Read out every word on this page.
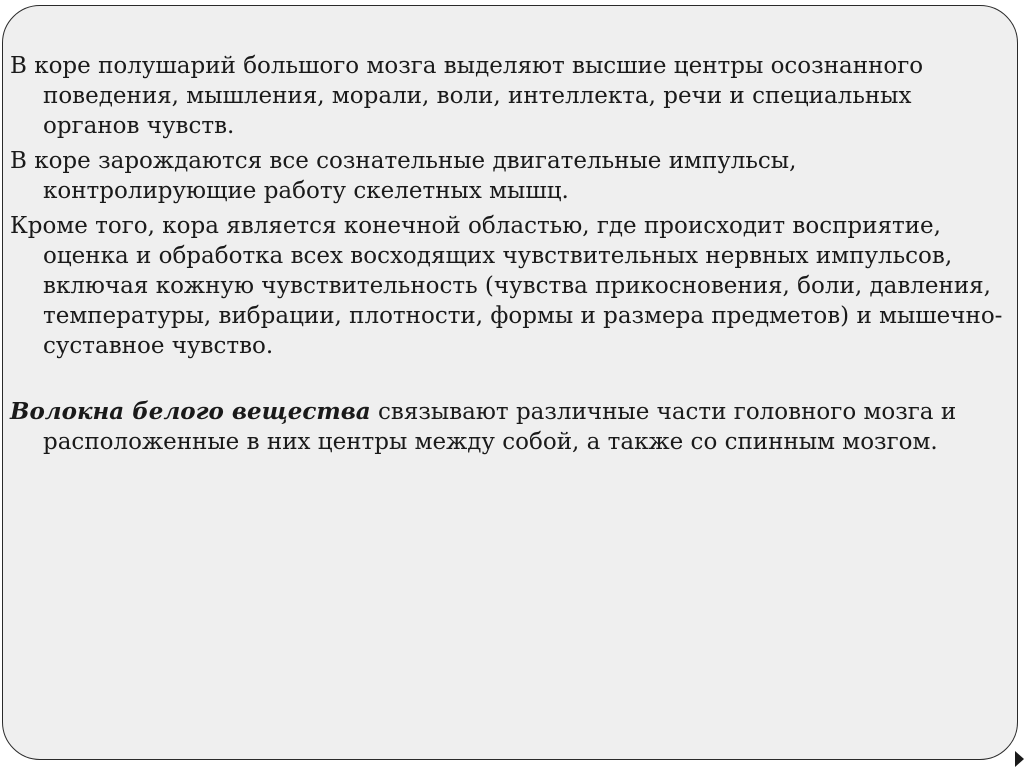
В коре полушарий большого мозга выделяют высшие центры осознанного поведения, мышления, морали, воли, интеллекта, речи и специальных органов чувств.

В коре зарождаются все сознательные двигательные импульсы, контролирующие работу скелетных мышц.

Кроме того, кора является конечной областью, где происходит восприятие, оценка и обработка всех восходящих чувствительных нервных импульсов, включая кожную чувствительность (чувства прикосновения, боли, давления, температуры, вибрации, плотности, формы и размера предметов) и мышечно-суставное чувство.

Волокна белого вещества связывают различные части головного мозга и расположенные в них центры между собой, а также со спинным мозгом.
